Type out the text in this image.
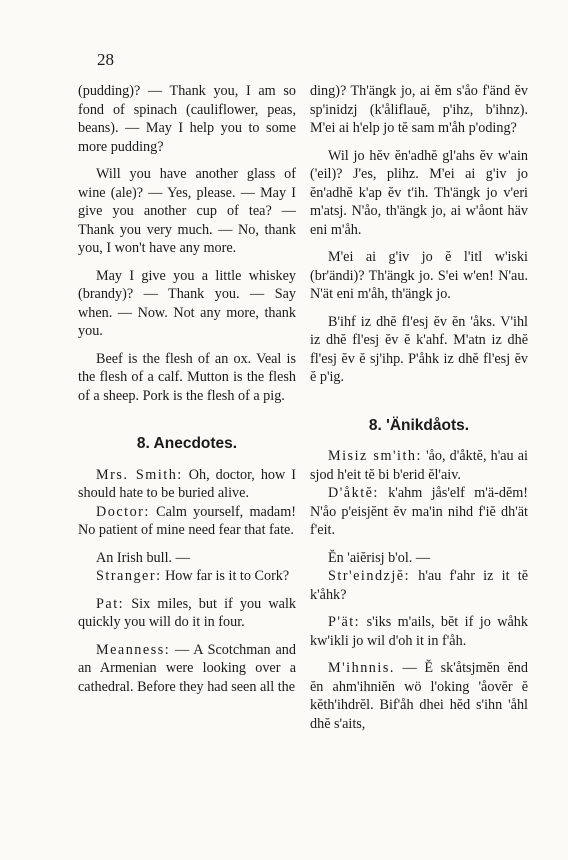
28

(pudding)? — Thank you, I am so fond of spinach (cauliflower, peas, beans). — May I help you to some more pudding?

Will you have another glass of wine (ale)? — Yes, please. — May I give you another cup of tea? — Thank you very much. — No, thank you, I won't have any more.

May I give you a little whiskey (brandy)? — Thank you. — Say when. — Now. Not any more, thank you.

Beef is the flesh of an ox. Veal is the flesh of a calf. Mutton is the flesh of a sheep. Pork is the flesh of a pig.

8. Anecdotes.

Mrs. Smith: Oh, doctor, how I should hate to be buried alive.

Doctor: Calm yourself, madam! No patient of mine need fear that fate.

An Irish bull. —

Stranger: How far is it to Cork?

Pat: Six miles, but if you walk quickly you will do it in four.

Meanness: — A Scotchman and an Armenian were looking over a cathedral. Before they had seen all the

ding)? Th'ängk jo, ai ĕm s'åo f'änd ĕv sp'inidzj (k'åliflauĕ, p'ihz, b'ihnz). M'ei ai h'elp jo tĕ sam m'åh p'oding?

Wil jo hĕv ĕn'adhĕ gl'ahs ĕv w'ain ('eil)? J'es, plihz. M'ei ai g'iv jo ĕn'adhĕ k'ap ĕv t'ih. Th'ängk jo v'eri m'atsj. N'åo, th'ängk jo, ai w'åont häv eni m'åh.

M'ei ai g'iv jo ĕ l'itl w'iski (br'ändi)? Th'ängk jo. S'ei w'en! N'au. N'ät eni m'åh, th'ängk jo.

B'ihf iz dhĕ fl'esj ĕv ĕn 'åks. V'ihl iz dhĕ fl'esj ĕv ĕ k'ahf. M'atn iz dhĕ fl'esj ĕv ĕ sj'ihp. P'åhk iz dhĕ fl'esj ĕv ĕ p'ig.

8. 'Änikdåots.

Misiz sm'ith: 'åo, d'åktĕ, h'au ai sjod h'eit tĕ bi b'erid ĕl'aiv.

D'åktĕ: k'ahm jås'elf m'ä-dĕm! N'åo p'eisjĕnt ĕv ma'in nihd f'iĕ dh'ät f'eit.

Ĕn 'aiĕrisj b'ol. —

Str'eindzjĕ: h'au f'ahr iz it tĕ k'åhk?

P'ät: s'iks m'ails, bĕt if jo wåhk kw'ikli jo wil d'oh it in f'åh.

M'ihnnis. — Ĕ sk'åtsjmĕn ĕnd ĕn ahm'ihniĕn wö l'oking 'åovĕr ĕ kĕth'ihdrĕl. Bif'åh dhei hĕd s'ihn 'åhl dhĕ s'aits,
